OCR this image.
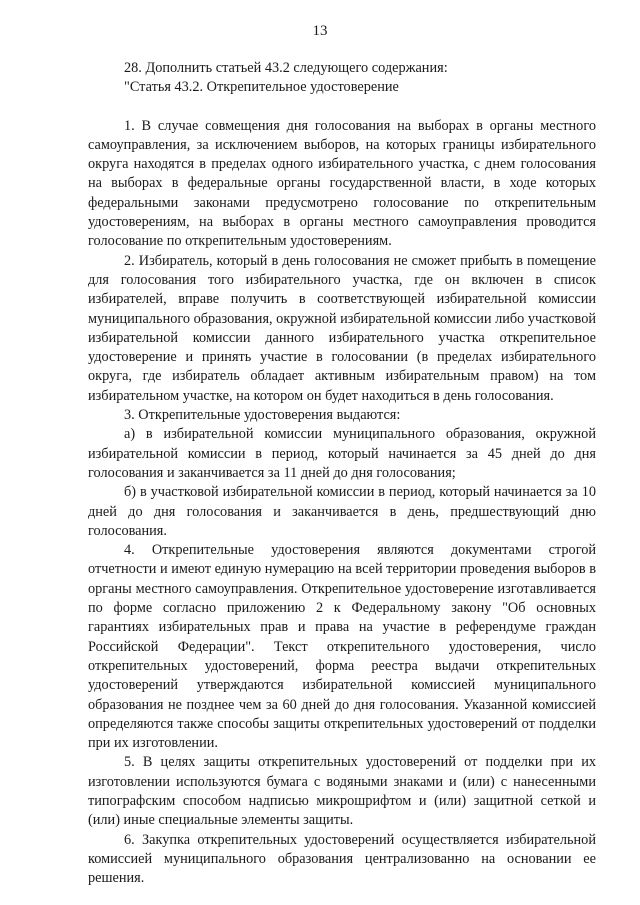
13

28. Дополнить статьей 43.2 следующего содержания:

"Статья 43.2. Открепительное удостоверение

1. В случае совмещения дня голосования на выборах в органы местного самоуправления, за исключением выборов, на которых границы избирательного округа находятся в пределах одного избирательного участка, с днем голосования на выборах в федеральные органы государственной власти, в ходе которых федеральными законами предусмотрено голосование по открепительным удостоверениям, на выборах в органы местного самоуправления проводится голосование по открепительным удостоверениям.

2. Избиратель, который в день голосования не сможет прибыть в помещение для голосования того избирательного участка, где он включен в список избирателей, вправе получить в соответствующей избирательной комиссии муниципального образования, окружной избирательной комиссии либо участковой избирательной комиссии данного избирательного участка открепительное удостоверение и принять участие в голосовании (в пределах избирательного округа, где избиратель обладает активным избирательным правом) на том избирательном участке, на котором он будет находиться в день голосования.

3. Открепительные удостоверения выдаются:

а) в избирательной комиссии муниципального образования, окружной избирательной комиссии в период, который начинается за 45 дней до дня голосования и заканчивается за 11 дней до дня голосования;

б) в участковой избирательной комиссии в период, который начинается за 10 дней до дня голосования и заканчивается в день, предшествующий дню голосования.

4. Открепительные удостоверения являются документами строгой отчетности и имеют единую нумерацию на всей территории проведения выборов в органы местного самоуправления. Открепительное удостоверение изготавливается по форме согласно приложению 2 к Федеральному закону "Об основных гарантиях избирательных прав и права на участие в референдуме граждан Российской Федерации". Текст открепительного удостоверения, число открепительных удостоверений, форма реестра выдачи открепительных удостоверений утверждаются избирательной комиссией муниципального образования не позднее чем за 60 дней до дня голосования. Указанной комиссией определяются также способы защиты открепительных удостоверений от подделки при их изготовлении.

5. В целях защиты открепительных удостоверений от подделки при их изготовлении используются бумага с водяными знаками и (или) с нанесенными типографским способом надписью микрошрифтом и (или) защитной сеткой и (или) иные специальные элементы защиты.

6. Закупка открепительных удостоверений осуществляется избирательной комиссией муниципального образования централизованно на основании ее решения.
